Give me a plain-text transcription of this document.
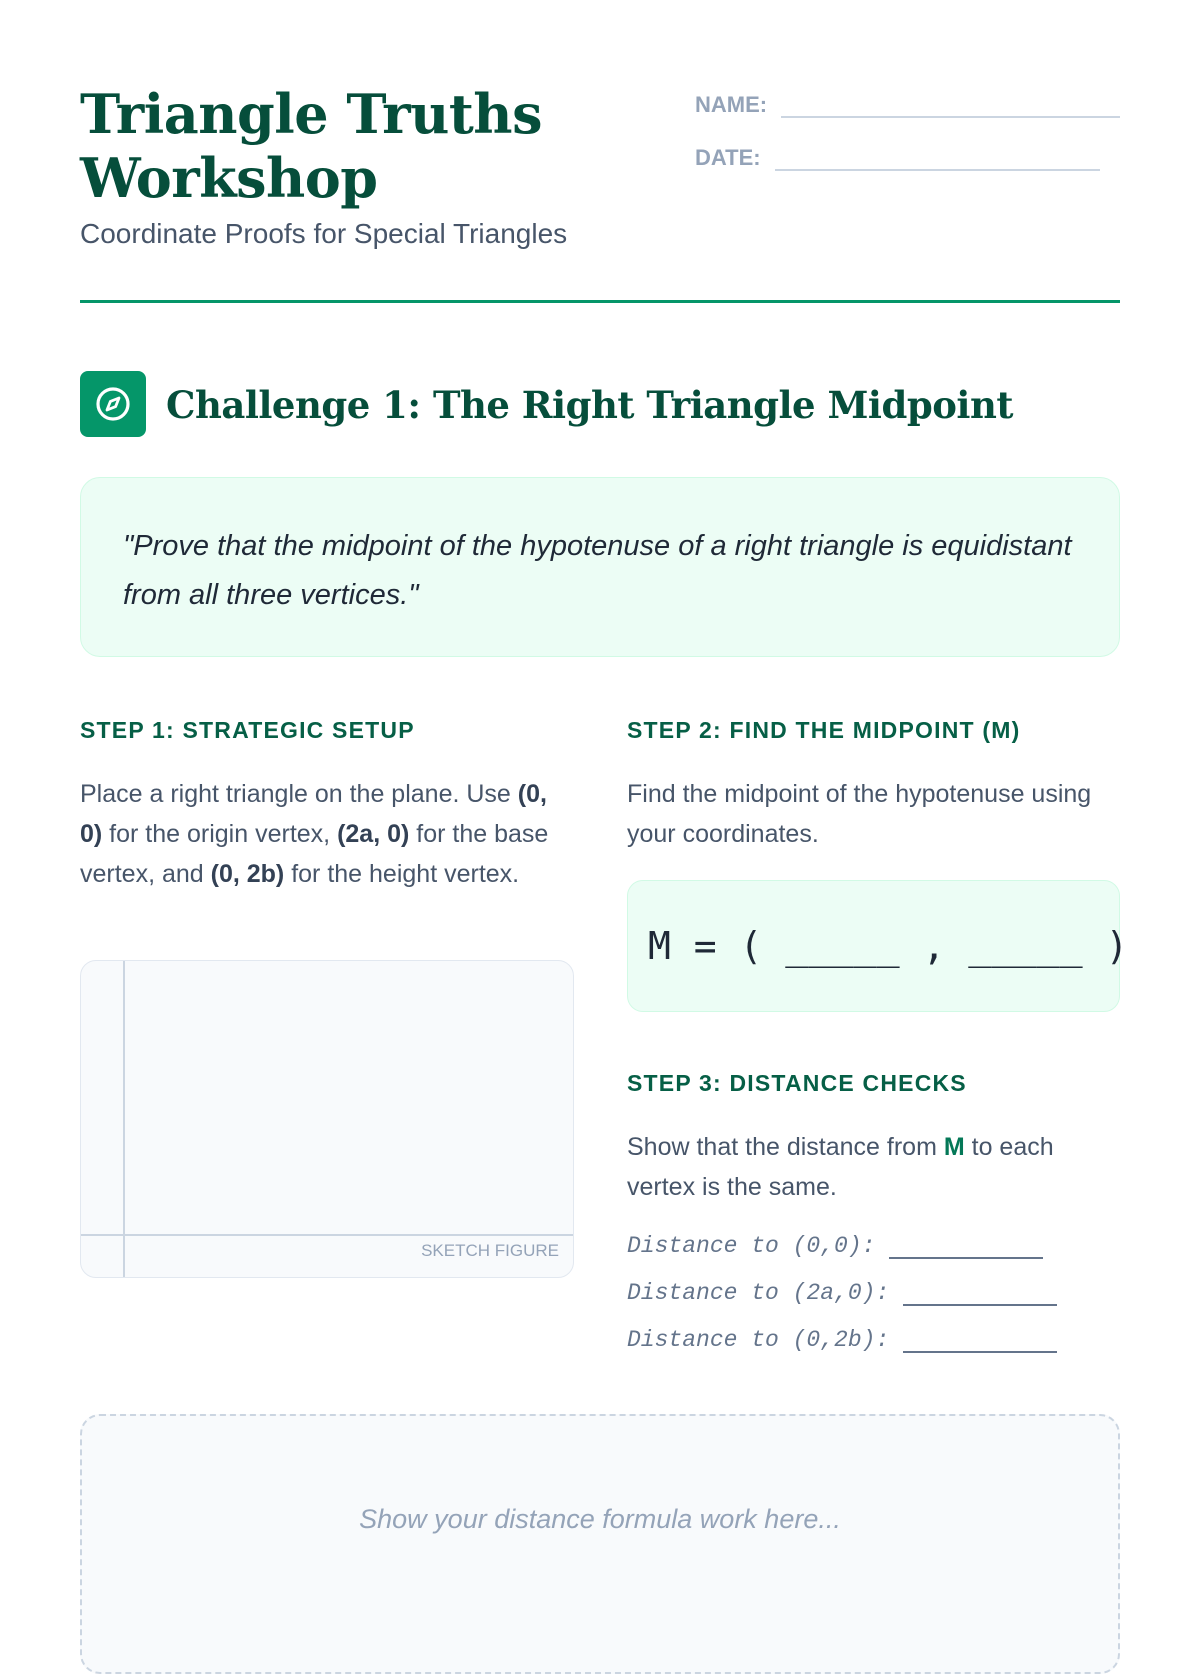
Triangle Truths Workshop

Coordinate Proofs for Special Triangles

NAME:
DATE:
Challenge 1: The Right Triangle Midpoint
"Prove that the midpoint of the hypotenuse of a right triangle is equidistant from all three vertices."
STEP 1: STRATEGIC SETUP

Place a right triangle on the plane. Use (0, 0) for the origin vertex, (2a, 0) for the base vertex, and (0, 2b) for the height vertex.

SKETCH FIGURE
STEP 2: FIND THE MIDPOINT (M)

Find the midpoint of the hypotenuse using your coordinates.

M = ( _____ , _____ )
STEP 3: DISTANCE CHECKS

Show that the distance from M to each vertex is the same.

Distance to (0,0):
Distance to (2a,0):
Distance to (0,2b):
Show your distance formula work here...
